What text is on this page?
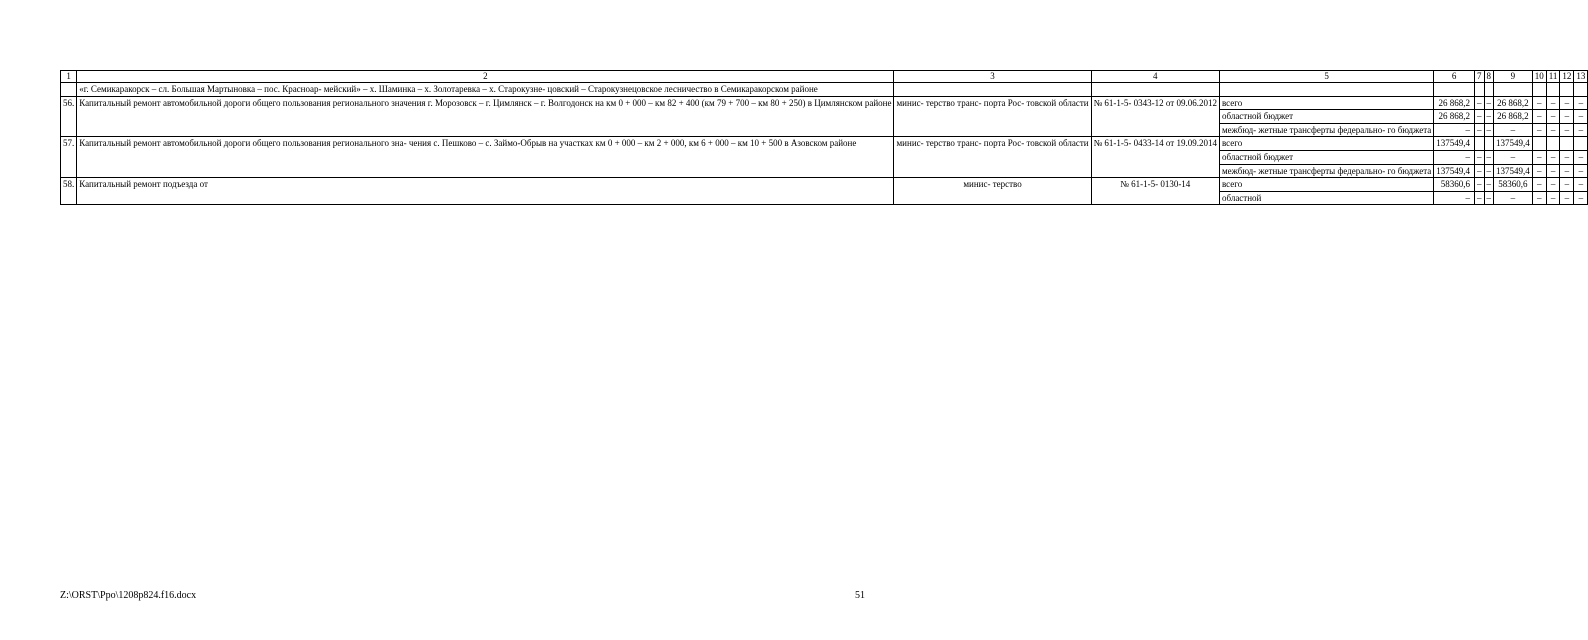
1	2	3	4	5	6	7	8	9	10	11	12	13
	«г. Семикаракорск – сл. Большая Мартыновка – пос. Краснoар- мейский» – х. Шаминка – х. Золотаревка – х. Старокузне- цовский – Старокузнецовское лесничество в Семикаракорском районе											
56.	Капитальный ремонт автомобильной дороги общего пользования регионального значения г. Морозовск – г. Цимлянск – г. Волгодонск на км 0 + 000 – км 82 + 400 (км 79 + 700 – км 80 + 250) в Цимлянском районе	минис- терство транс- порта Рос- товской области	№ 61-1-5- 0343-12 от 09.06.2012	всего	26 868,2	–	–	26 868,2	–	–	–	–
				областной бюджет	26 868,2	–	–	26 868,2	–	–	–	–
				межбюд- жетные трансферты федерально- го бюджета	–	–	–	–	–	–	–	–
57.	Капитальный ремонт автомобильной дороги общего пользования регионального зна- чения с. Пешково – с. Займо-Обрыв на участках км 0 + 000 – км 2 + 000, км 6 + 000 – км 10 + 500 в Азовском районе	минис- терство транс- порта Рос- товской области	№ 61-1-5- 0433-14 от 19.09.2014	всего	137549,4			137549,4				
				областной бюджет	–	–	–	–	–	–	–	–
				межбюд- жетные трансферты федерально- го бюджета	137549,4	–	–	137549,4	–	–	–	–
58.	Капитальный ремонт подъезда от	минис- терство	№ 61-1-5- 0130-14	всего	58360,6	–	–	58360,6	–	–	–	–
				областной	–	–	–	–	–	–	–	–
Z:\ORST\Ppo\1208p824.f16.docx	51
